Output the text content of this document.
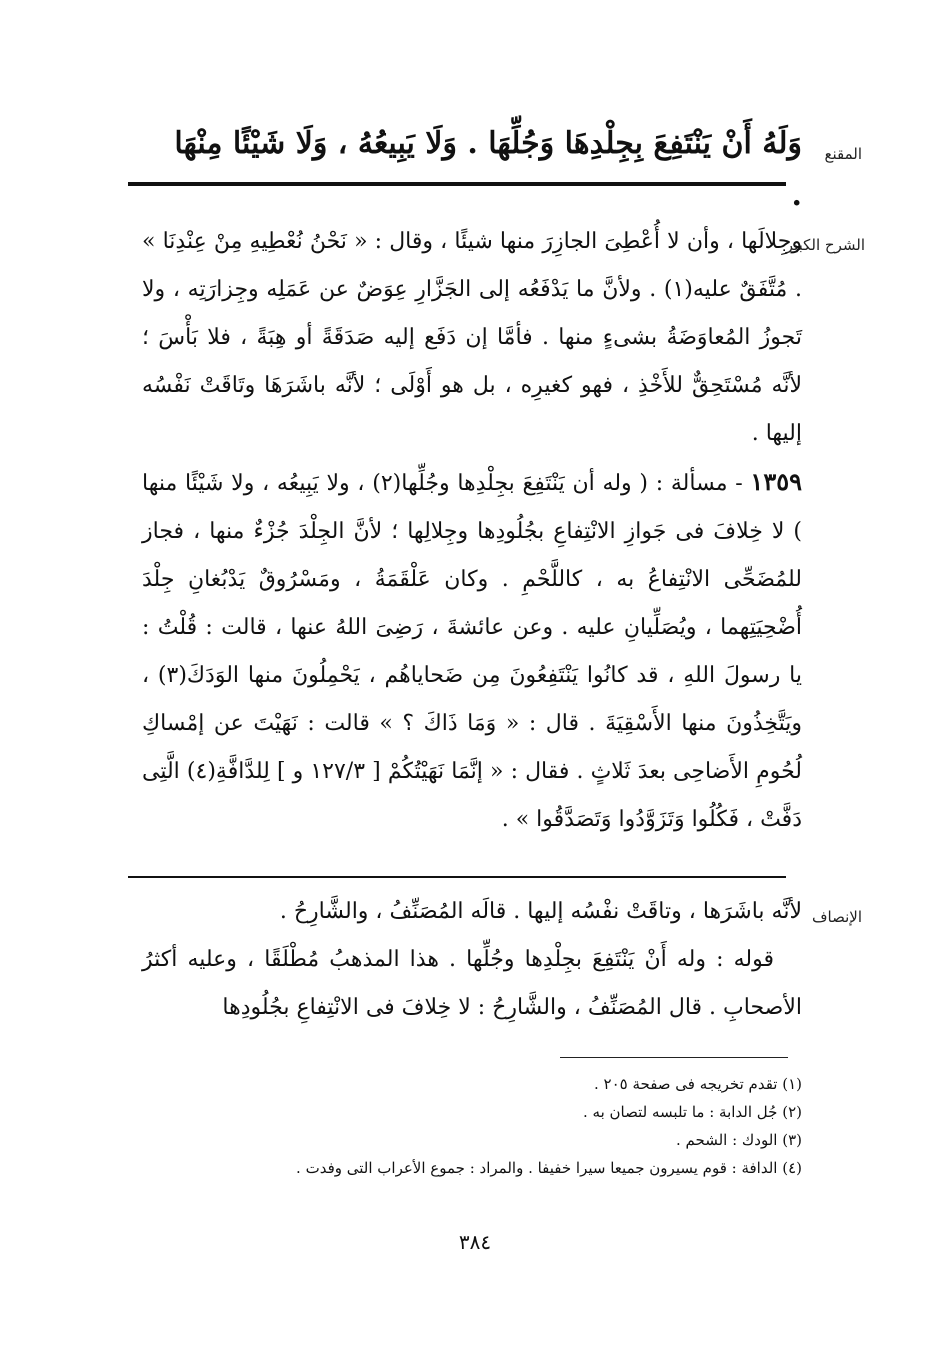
المقنع
وَلَهُ أَنْ يَنْتَفِعَ بِجِلْدِهَا وَجُلِّهَا . وَلَا يَبِيعُهُ ، وَلَا شَيْئًا مِنْهَا .
الشرح الكبير

وجِلالَها ، وأن لا أُعْطِىَ الجازِرَ منها شيئًا ، وقال : « نَحْنُ نُعْطِيهِ مِنْ عِنْدِنَا » . مُتَّفَقٌ عليه(١) . ولأنَّ ما يَدْفَعُه إلى الجَزَّارِ عِوَضٌ عن عَمَلِه وجِزارَتِه ، ولا تَجوزُ المُعاوَضَةُ بشىءٍ منها . فأمَّا إن دَفَع إليه صَدَقَةً أو هِبَةً ، فلا بَأْسَ ؛ لأنَّه مُسْتَحِقٌّ للأَخْذِ ، فهو كغيرِه ، بل هو أَوْلَى ؛ لأنَّه باشَرَهَا وتَاقَتْ نَفْسُه إليها .

١٣٥٩ - مسألة : ( وله أن يَنْتَفِعَ بجِلْدِها وجُلِّها(٢) ، ولا يَبِيعُه ، ولا شَيْئًا منها ) لا خِلافَ فى جَوازِ الانْتِفاعِ بجُلُودِها وجِلالِها ؛ لأنَّ الجِلْدَ جُزْءٌ منها ، فجاز للمُضَحِّى الانْتِفاعُ به ، كاللَّحْمِ . وكان عَلْقَمَةُ ، ومَسْرُوقٌ يَدْبُغانِ جِلْدَ أُضْحِيَتِهما ، ويُصَلِّيانِ عليه . وعن عائشةَ ، رَضِىَ اللهُ عنها ، قالت : قُلْتُ : يا رسولَ اللهِ ، قد كانُوا يَنْتَفِعُونَ مِن ضَحاياهُم ، يَحْمِلُونَ منها الوَدَكَ(٣) ، ويَتَّخِذُونَ منها الأَسْقِيَةَ . قال : « وَمَا ذَاكَ ؟ » قالت : نَهَيْتَ عن إمْساكِ لُحُومِ الأَضاحِى بعدَ ثَلاثٍ . فقال : « إنَّمَا نَهَيْتُكُمْ [ ١٢٧/٣ و ] لِلدَّافَّةِ(٤) الَّتِى دَفَّتْ ، فَكُلُوا وَتَزَوَّدُوا وَتَصَدَّقُوا » .

الإنصاف

لأنَّه باشَرَها ، وتاقَتْ نفْسُه إليها . قالَه المُصَنِّفُ ، والشَّارِحُ .

قوله : وله أَنْ يَنْتَفِعَ بجِلْدِها وجُلِّها . هذا المذهبُ مُطْلَقًا ، وعليه أكثرُ الأصحابِ . قال المُصَنِّفُ ، والشَّارِحُ : لا خِلافَ فى الانْتِفاعِ بجُلُودِها

(١) تقدم تخريجه فى صفحة ٢٠٥ .
(٢) جُل الدابة : ما تلبسه لتصان به .
(٣) الودك : الشحم .
(٤) الدافة : قوم يسيرون جميعا سيرا خفيفا . والمراد : جموع الأعراب التى وفدت .
٣٨٤
